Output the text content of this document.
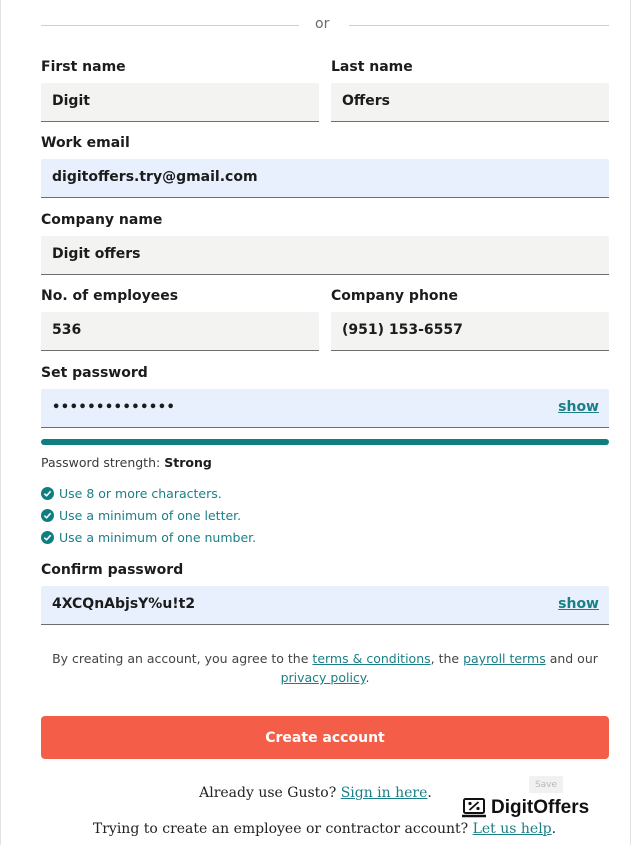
or
First name
Digit
Last name
Offers
Work email
digitoffers.try@gmail.com
Company name
Digit offers
No. of employees
536
Company phone
(951) 153-6557
Set password
••••••••••••••	show
Password strength: Strong
Use 8 or more characters.
Use a minimum of one letter.
Use a minimum of one number.
Confirm password
4XCQnAbjsY%u!t2	show
By creating an account, you agree to the terms & conditions, the payroll terms and our
privacy policy.
Create account
Save
Already use Gusto? Sign in here.
Trying to create an employee or contractor account? Let us help.
DigitOffers
